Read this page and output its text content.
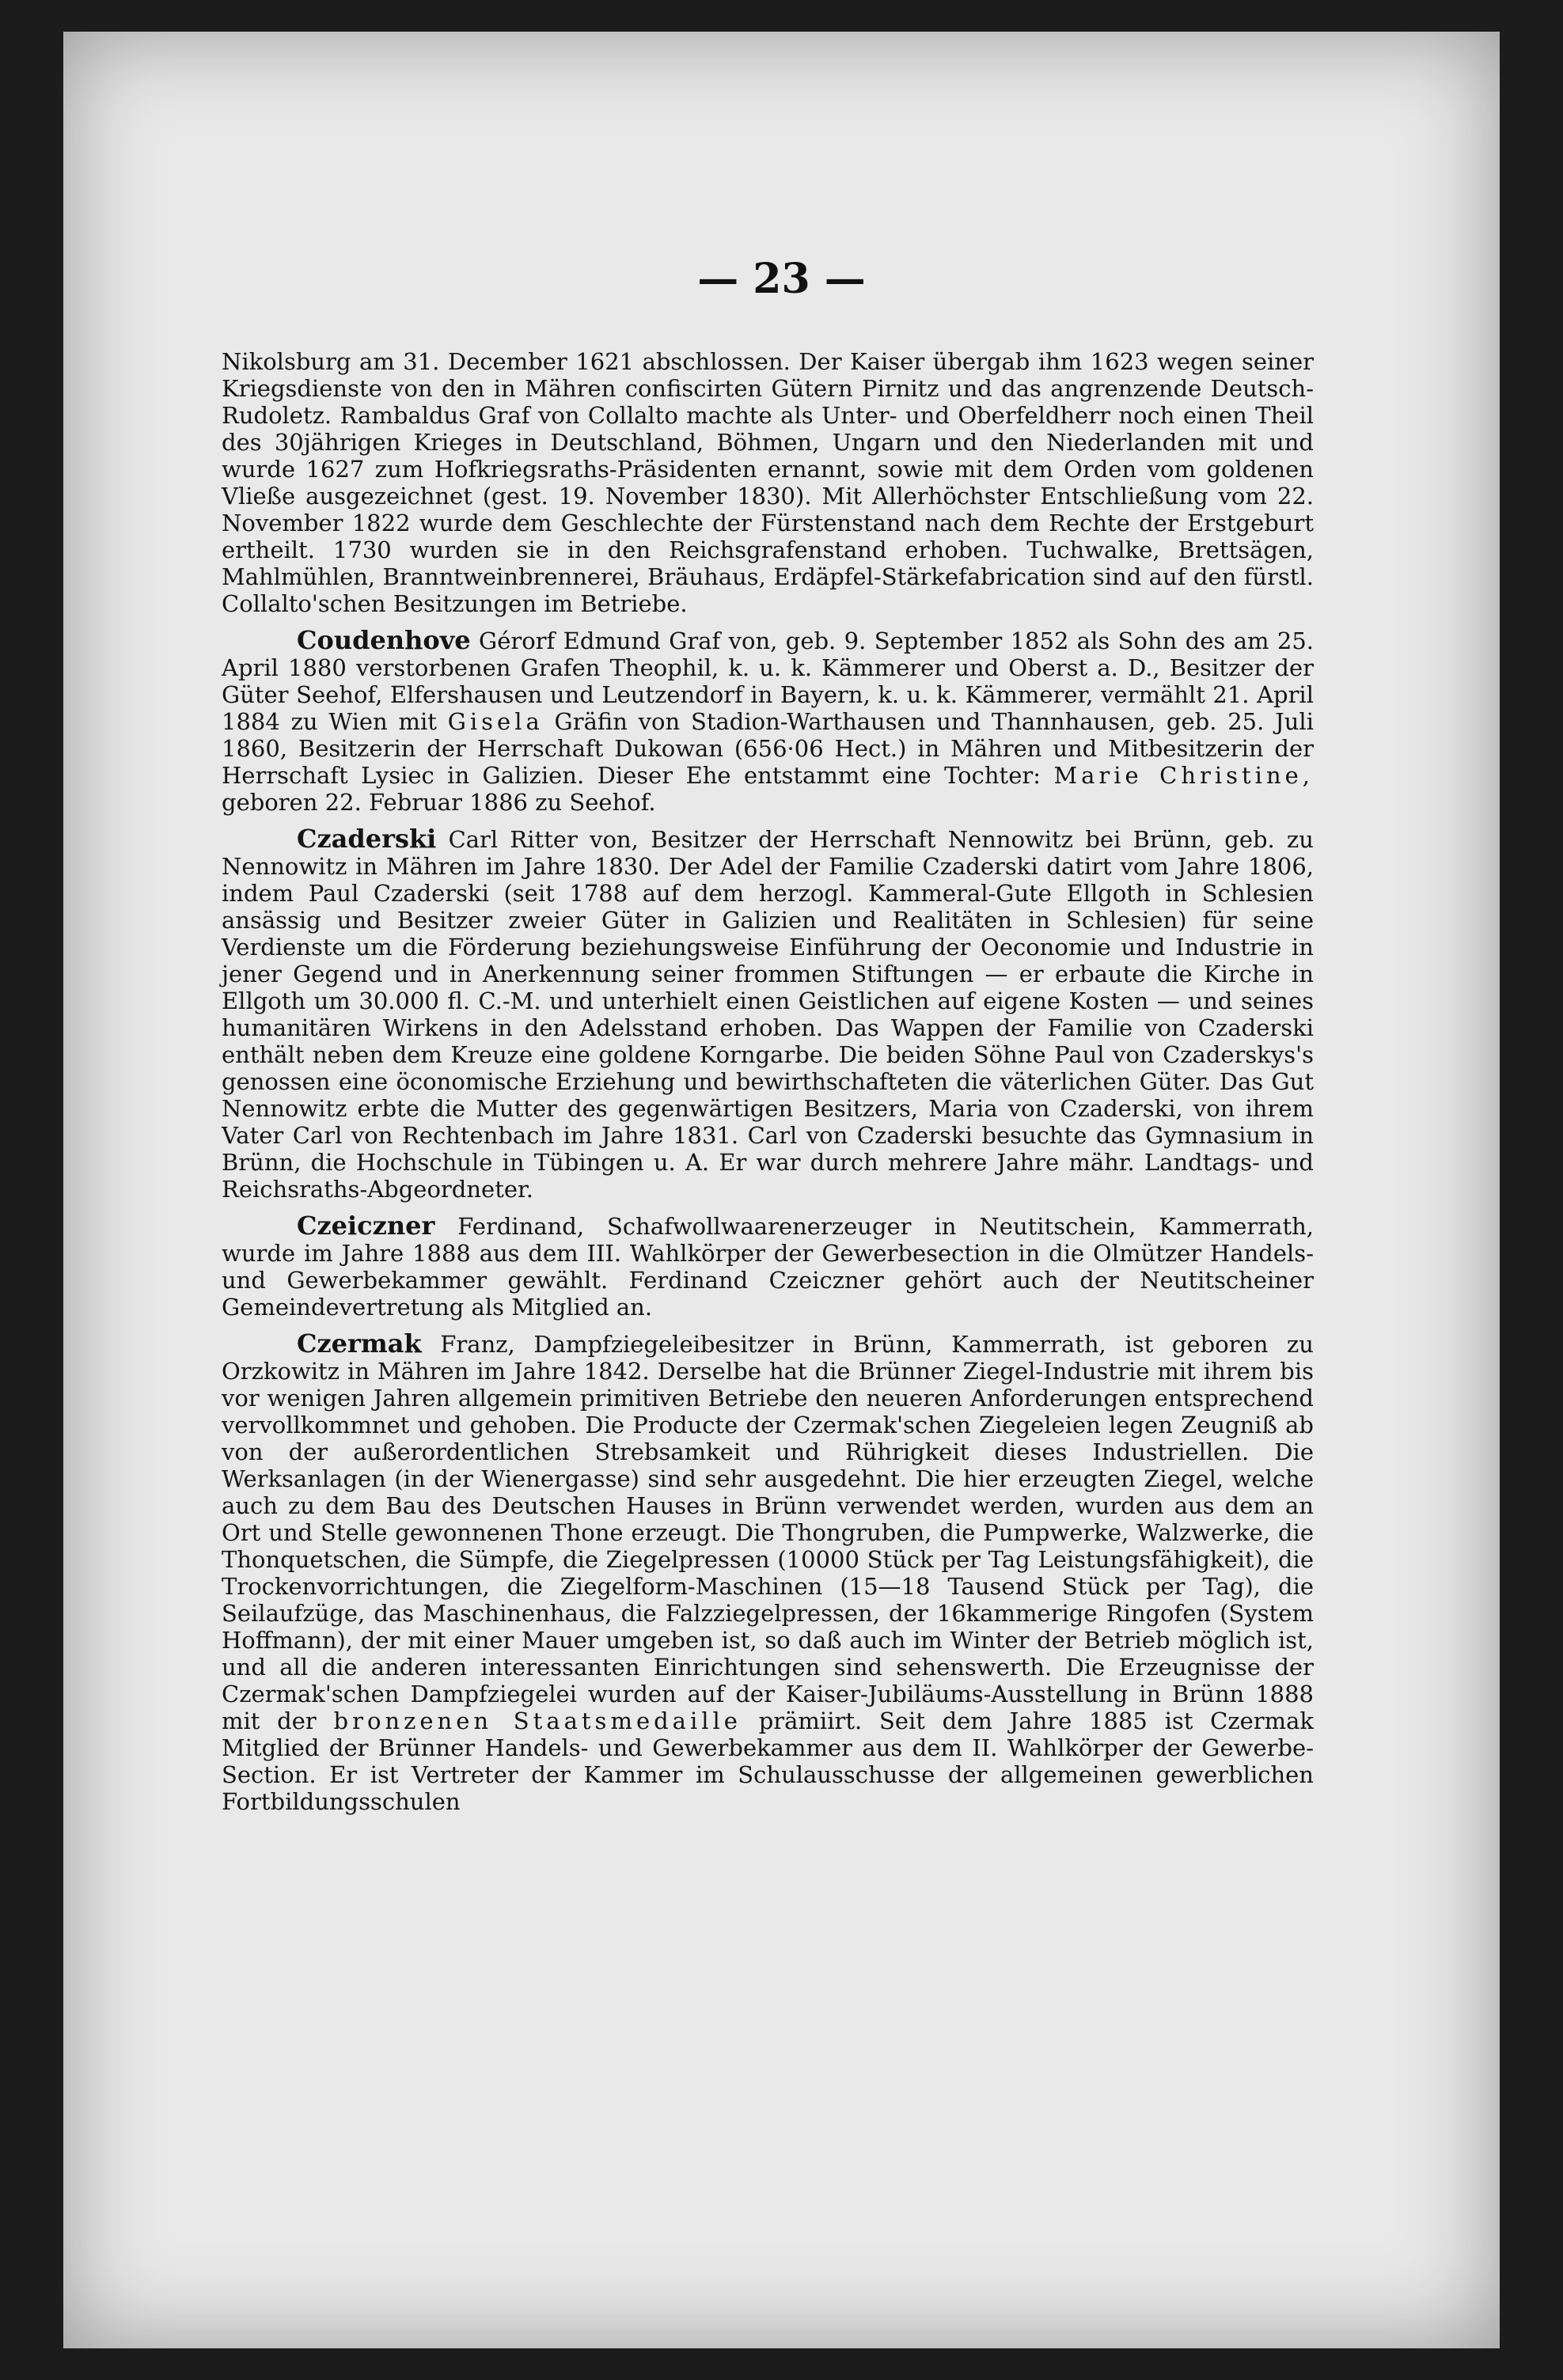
— 23 —

Nikolsburg am 31. December 1621 abschlossen. Der Kaiser übergab ihm 1623 wegen seiner Kriegsdienste von den in Mähren confiscirten Gütern Pirnitz und das angrenzende Deutsch-Rudoletz. Rambaldus Graf von Collalto machte als Unter- und Oberfeldherr noch einen Theil des 30jährigen Krieges in Deutschland, Böhmen, Ungarn und den Niederlanden mit und wurde 1627 zum Hofkriegsraths-Präsidenten ernannt, sowie mit dem Orden vom goldenen Vließe ausgezeichnet (gest. 19. November 1830). Mit Allerhöchster Entschließung vom 22. November 1822 wurde dem Geschlechte der Fürstenstand nach dem Rechte der Erstgeburt ertheilt. 1730 wurden sie in den Reichsgrafenstand erhoben. Tuchwalke, Brettsägen, Mahlmühlen, Branntweinbrennerei, Bräuhaus, Erdäpfel-Stärkefabrication sind auf den fürstl. Collalto'schen Besitzungen im Betriebe.

Coudenhove Gérorf Edmund Graf von, geb. 9. September 1852 als Sohn des am 25. April 1880 verstorbenen Grafen Theophil, k. u. k. Kämmerer und Oberst a. D., Besitzer der Güter Seehof, Elfershausen und Leutzendorf in Bayern, k. u. k. Kämmerer, vermählt 21. April 1884 zu Wien mit Gisela Gräfin von Stadion-Warthausen und Thannhausen, geb. 25. Juli 1860, Besitzerin der Herrschaft Dukowan (656·06 Hect.) in Mähren und Mitbesitzerin der Herrschaft Lysiec in Galizien. Dieser Ehe entstammt eine Tochter: Marie Christine, geboren 22. Februar 1886 zu Seehof.

Czaderski Carl Ritter von, Besitzer der Herrschaft Nennowitz bei Brünn, geb. zu Nennowitz in Mähren im Jahre 1830. Der Adel der Familie Czaderski datirt vom Jahre 1806, indem Paul Czaderski (seit 1788 auf dem herzogl. Kammeral-Gute Ellgoth in Schlesien ansässig und Besitzer zweier Güter in Galizien und Realitäten in Schlesien) für seine Verdienste um die Förderung beziehungsweise Einführung der Oeconomie und Industrie in jener Gegend und in Anerkennung seiner frommen Stiftungen — er erbaute die Kirche in Ellgoth um 30.000 fl. C.-M. und unterhielt einen Geistlichen auf eigene Kosten — und seines humanitären Wirkens in den Adelsstand erhoben. Das Wappen der Familie von Czaderski enthält neben dem Kreuze eine goldene Korngarbe. Die beiden Söhne Paul von Czaderskys's genossen eine öconomische Erziehung und bewirthschafteten die väterlichen Güter. Das Gut Nennowitz erbte die Mutter des gegenwärtigen Besitzers, Maria von Czaderski, von ihrem Vater Carl von Rechtenbach im Jahre 1831. Carl von Czaderski besuchte das Gymnasium in Brünn, die Hochschule in Tübingen u. A. Er war durch mehrere Jahre mähr. Landtags- und Reichsraths-Abgeordneter.

Czeiczner Ferdinand, Schafwollwaarenerzeuger in Neutitschein, Kammerrath, wurde im Jahre 1888 aus dem III. Wahlkörper der Gewerbesection in die Olmützer Handels- und Gewerbekammer gewählt. Ferdinand Czeiczner gehört auch der Neutitscheiner Gemeindevertretung als Mitglied an.

Czermak Franz, Dampfziegeleibesitzer in Brünn, Kammerrath, ist geboren zu Orzkowitz in Mähren im Jahre 1842. Derselbe hat die Brünner Ziegel-Industrie mit ihrem bis vor wenigen Jahren allgemein primitiven Betriebe den neueren Anforderungen entsprechend vervollkommnet und gehoben. Die Producte der Czermak'schen Ziegeleien legen Zeugniß ab von der außerordentlichen Strebsamkeit und Rührigkeit dieses Industriellen. Die Werksanlagen (in der Wienergasse) sind sehr ausgedehnt. Die hier erzeugten Ziegel, welche auch zu dem Bau des Deutschen Hauses in Brünn verwendet werden, wurden aus dem an Ort und Stelle gewonnenen Thone erzeugt. Die Thongruben, die Pumpwerke, Walzwerke, die Thonquetschen, die Sümpfe, die Ziegelpressen (10000 Stück per Tag Leistungsfähigkeit), die Trockenvorrichtungen, die Ziegelform-Maschinen (15—18 Tausend Stück per Tag), die Seilaufzüge, das Maschinenhaus, die Falzziegelpressen, der 16kammerige Ringofen (System Hoffmann), der mit einer Mauer umgeben ist, so daß auch im Winter der Betrieb möglich ist, und all die anderen interessanten Einrichtungen sind sehenswerth. Die Erzeugnisse der Czermak'schen Dampfziegelei wurden auf der Kaiser-Jubiläums-Ausstellung in Brünn 1888 mit der bronzenen Staatsmedaille prämiirt. Seit dem Jahre 1885 ist Czermak Mitglied der Brünner Handels- und Gewerbekammer aus dem II. Wahlkörper der Gewerbe-Section. Er ist Vertreter der Kammer im Schulausschusse der allgemeinen gewerblichen Fortbildungsschulen
